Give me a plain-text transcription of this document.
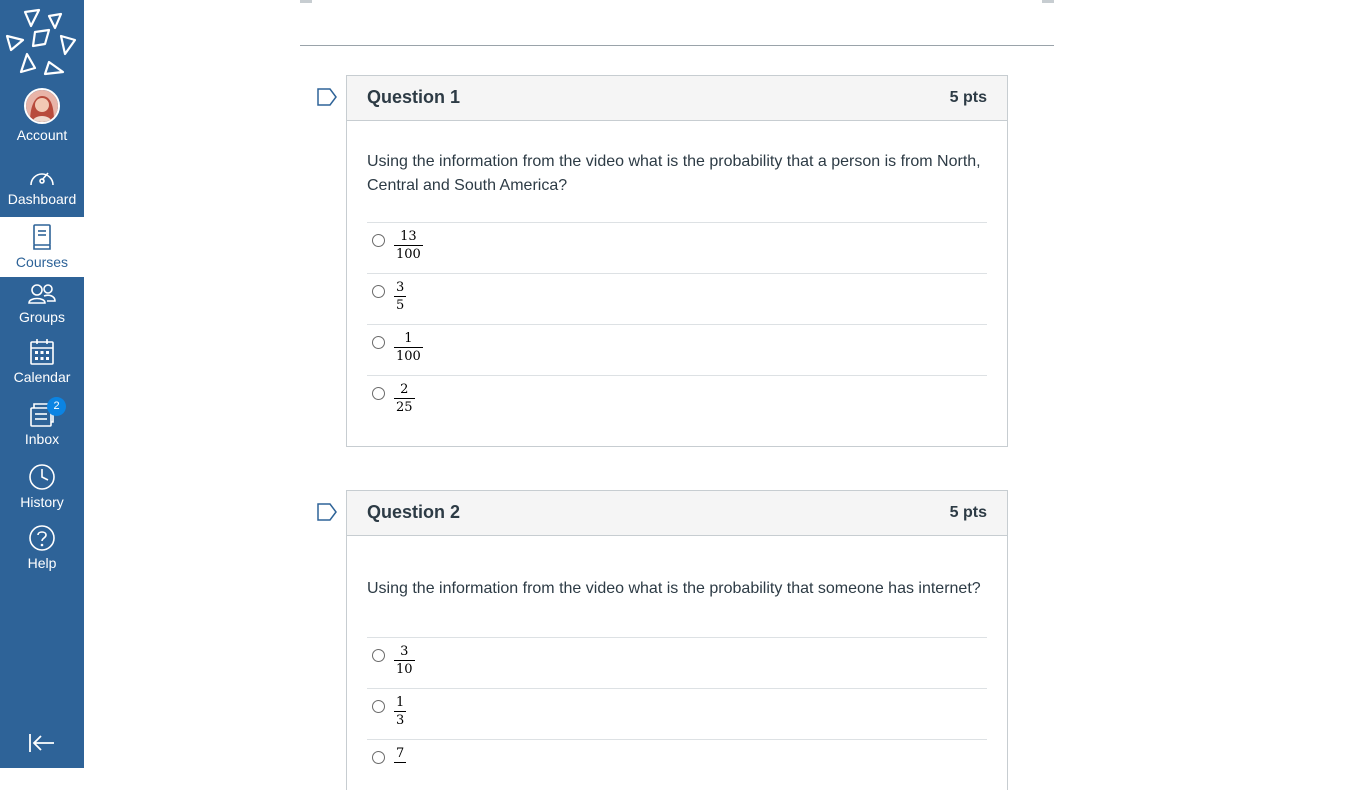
Account
Dashboard
Courses
Groups
Calendar
Inbox
2
History
Help
Question 1	5 pts

Using the information from the video what is the probability that a person is from North, Central and South America?

13
100
3
5
1
100
2
25
Question 2	5 pts

Using the information from the video what is the probability that someone has internet?

3
10
1
3
7
